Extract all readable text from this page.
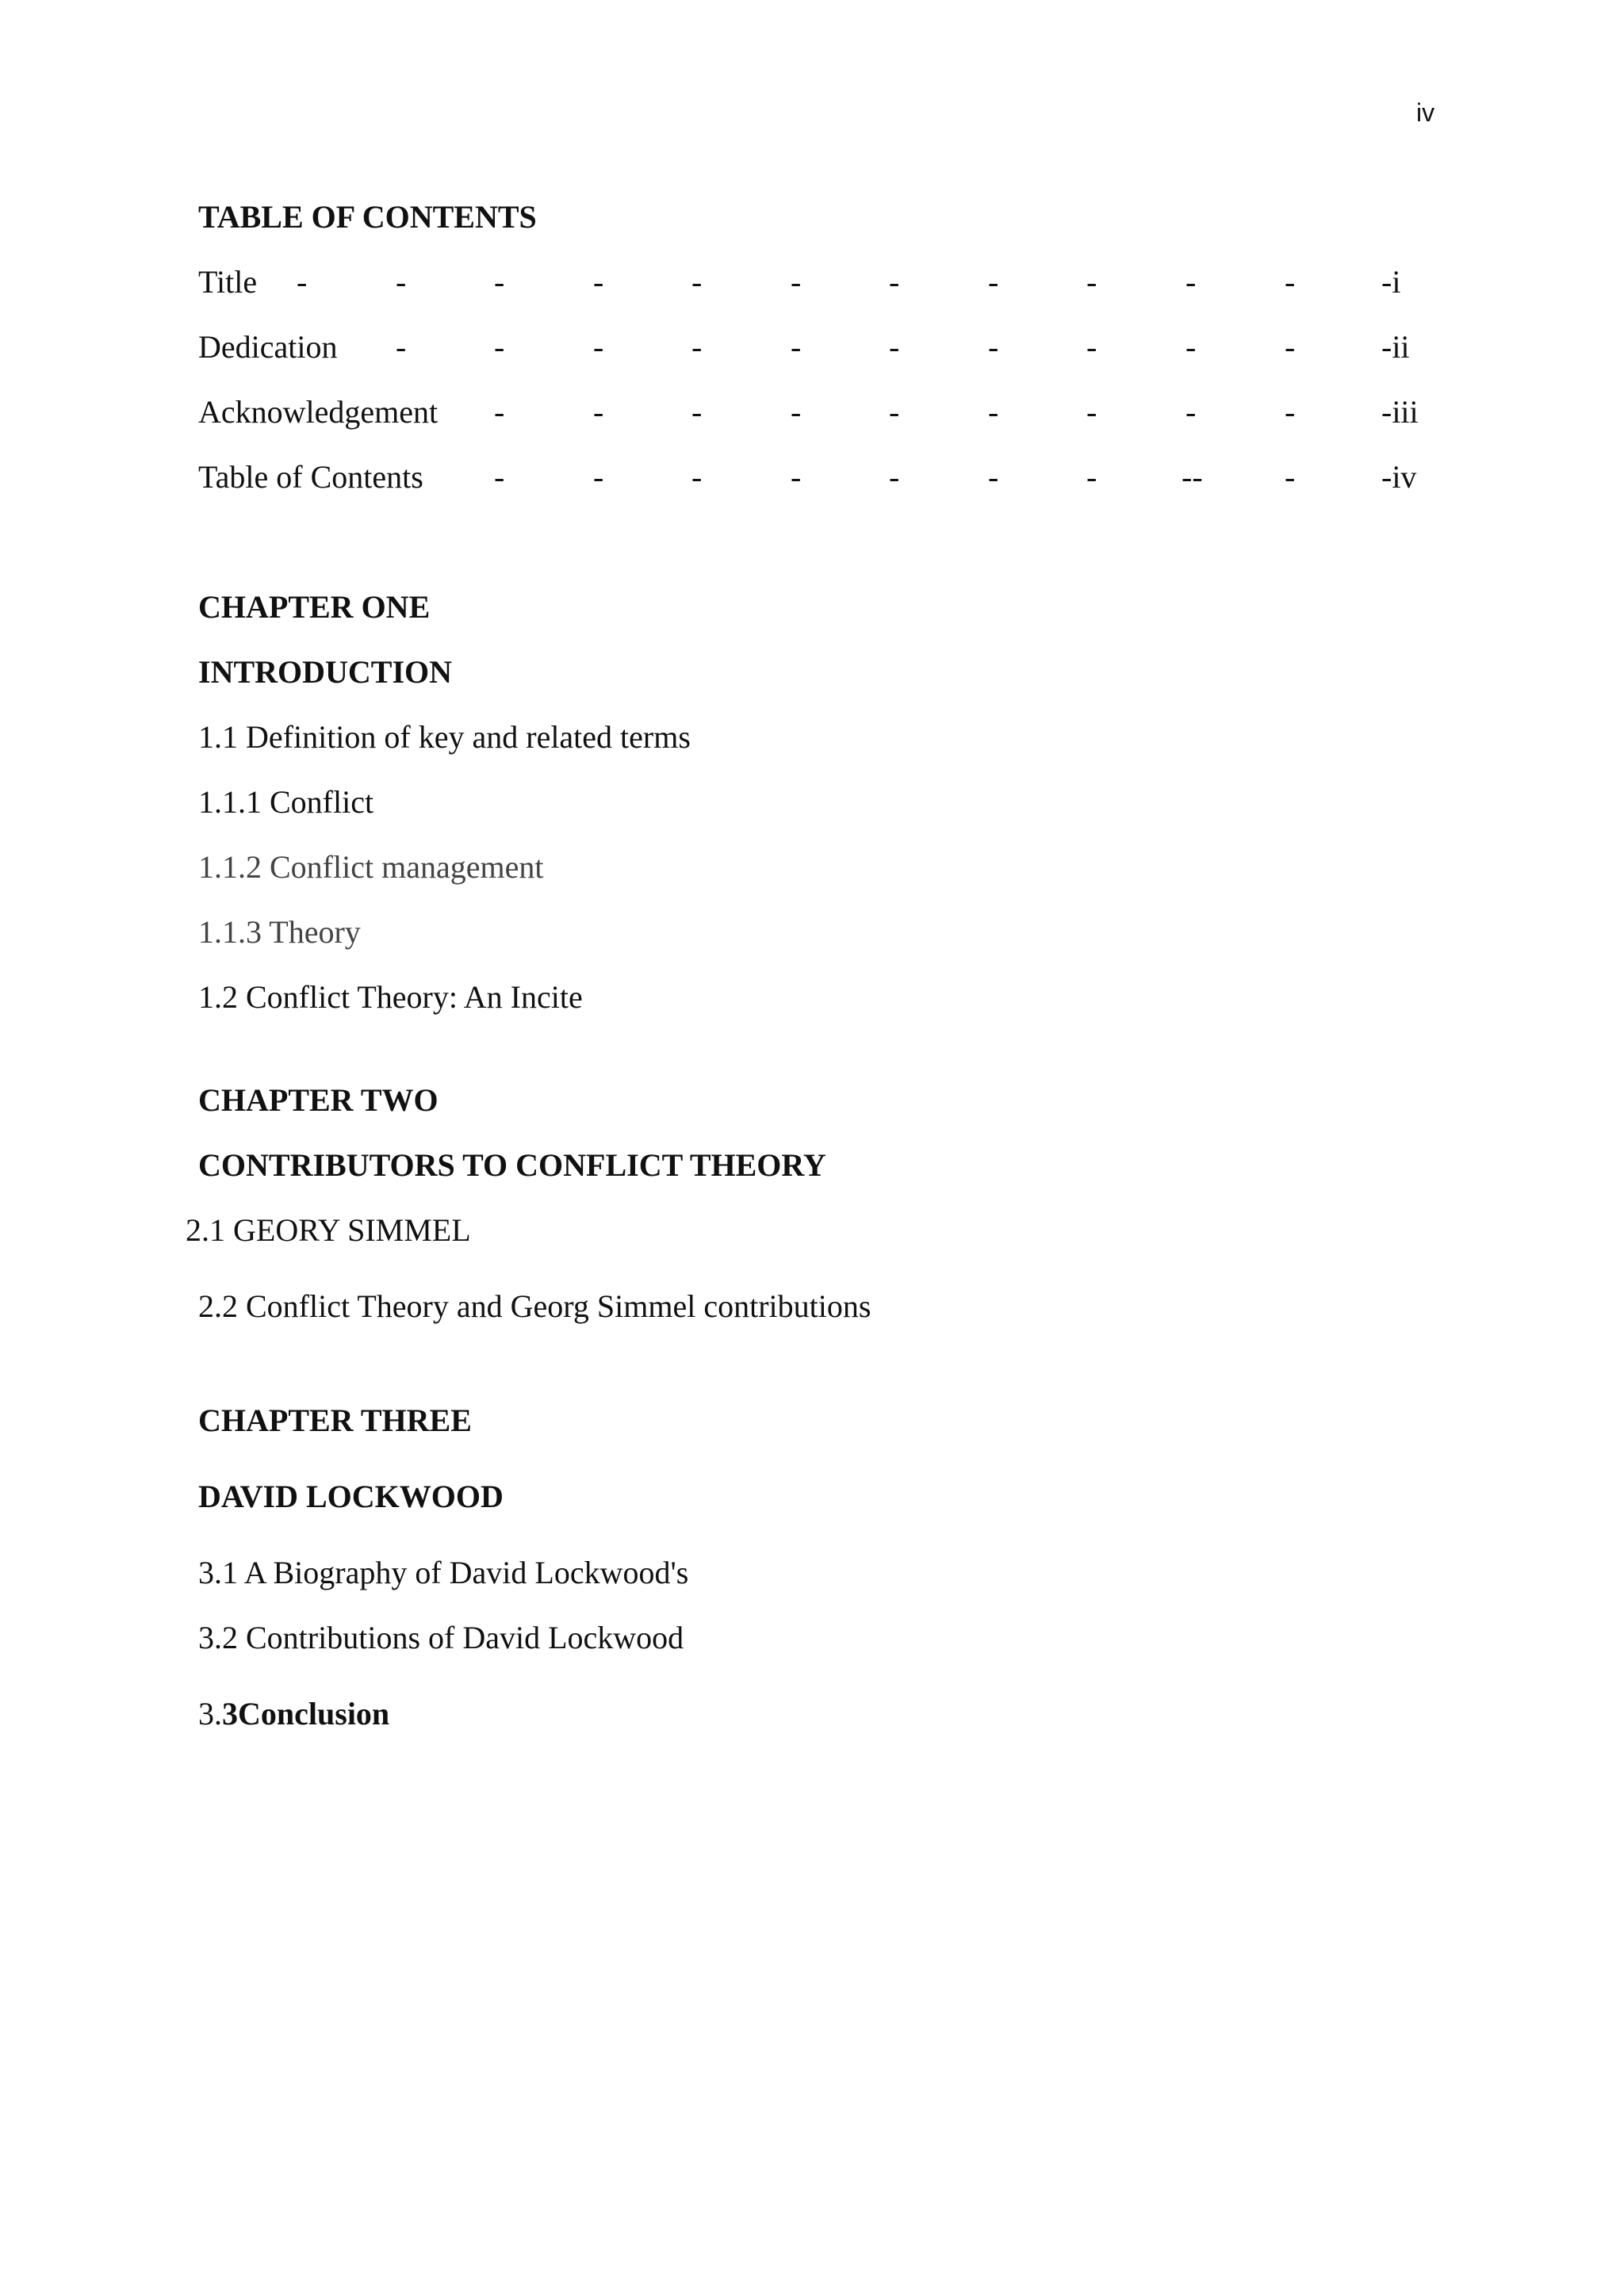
iv
TABLE OF CONTENTS
Title -	-	-	-	-	-	-	-	-	-	-	-i
Dedication -	-	-	-	-	-	-	-	-	-	-ii
Acknowledgement -	-	-	-	-	-	-	-	-	-iii
Table of Contents -	-	-	-	-	-	-	--	-	-iv
CHAPTER ONE
INTRODUCTION
1.1 Definition of key and related terms
1.1.1 Conflict
1.1.2 Conflict management
1.1.3 Theory
1.2 Conflict Theory: An Incite
CHAPTER TWO
CONTRIBUTORS TO CONFLICT THEORY
2.1 GEORY SIMMEL
2.2 Conflict Theory and Georg Simmel contributions
CHAPTER THREE
DAVID LOCKWOOD
3.1 A Biography of David Lockwood's
3.2 Contributions of David Lockwood
3.3Conclusion
